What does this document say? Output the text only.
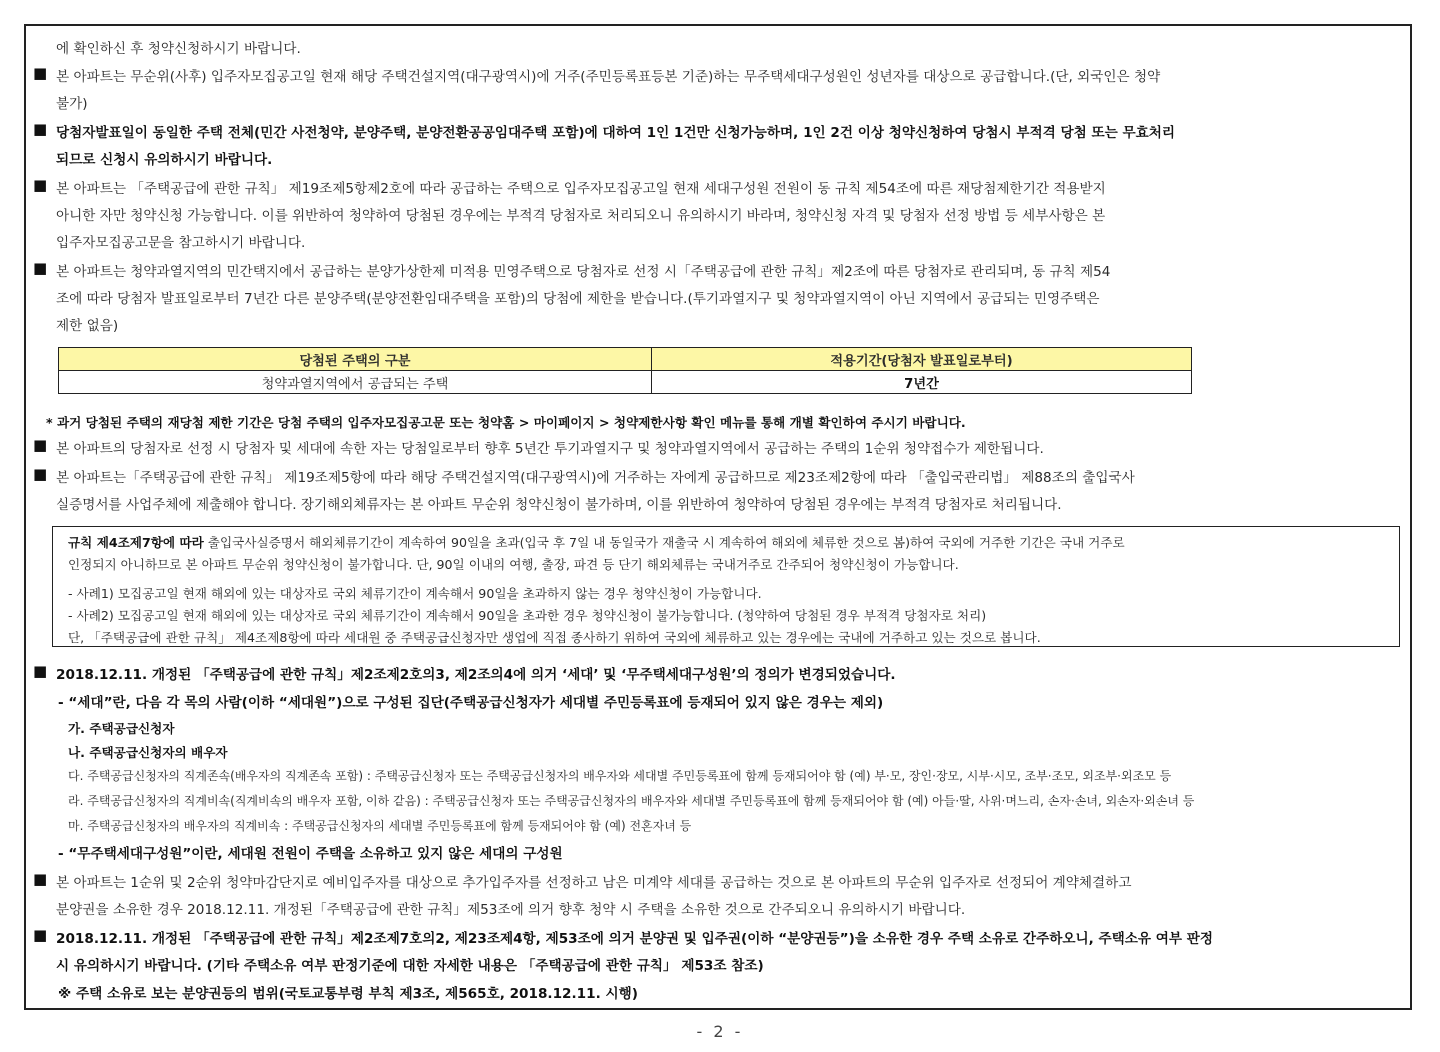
에 확인하신 후 청약신청하시기 바랍니다.
■ 본 아파트는 무순위(사후) 입주자모집공고일 현재 해당 주택건설지역(대구광역시)에 거주(주민등록표등본 기준)하는 무주택세대구성원인 성년자를 대상으로 공급합니다.(단, 외국인은 청약
불가)
■ 당첨자발표일이 동일한 주택 전체(민간 사전청약, 분양주택, 분양전환공공임대주택 포함)에 대하여 1인 1건만 신청가능하며, 1인 2건 이상 청약신청하여 당첨시 부적격 당첨 또는 무효처리
되므로 신청시 유의하시기 바랍니다.
■ 본 아파트는 「주택공급에 관한 규칙」 제19조제5항제2호에 따라 공급하는 주택으로 입주자모집공고일 현재 세대구성원 전원이 동 규칙 제54조에 따른 재당첨제한기간 적용받지
아니한 자만 청약신청 가능합니다. 이를 위반하여 청약하여 당첨된 경우에는 부적격 당첨자로 처리되오니 유의하시기 바라며, 청약신청 자격 및 당첨자 선정 방법 등 세부사항은 본
입주자모집공고문을 참고하시기 바랍니다.
■ 본 아파트는 청약과열지역의 민간택지에서 공급하는 분양가상한제 미적용 민영주택으로 당첨자로 선정 시「주택공급에 관한 규칙」제2조에 따른 당첨자로 관리되며, 동 규칙 제54
조에 따라 당첨자 발표일로부터 7년간 다른 분양주택(분양전환임대주택을 포함)의 당첨에 제한을 받습니다.(투기과열지구 및 청약과열지역이 아닌 지역에서 공급되는 민영주택은
제한 없음)
당첨된 주택의 구분	적용기간(당첨자 발표일로부터)
청약과열지역에서 공급되는 주택	7년간
* 과거 당첨된 주택의 재당첨 제한 기간은 당첨 주택의 입주자모집공고문 또는 청약홈 > 마이페이지 > 청약제한사항 확인 메뉴를 통해 개별 확인하여 주시기 바랍니다.
■ 본 아파트의 당첨자로 선정 시 당첨자 및 세대에 속한 자는 당첨일로부터 향후 5년간 투기과열지구 및 청약과열지역에서 공급하는 주택의 1순위 청약접수가 제한됩니다.
■ 본 아파트는「주택공급에 관한 규칙」 제19조제5항에 따라 해당 주택건설지역(대구광역시)에 거주하는 자에게 공급하므로 제23조제2항에 따라 「출입국관리법」 제88조의 출입국사
실증명서를 사업주체에 제출해야 합니다. 장기해외체류자는 본 아파트 무순위 청약신청이 불가하며, 이를 위반하여 청약하여 당첨된 경우에는 부적격 당첨자로 처리됩니다.
규칙 제4조제7항에 따라 출입국사실증명서 해외체류기간이 계속하여 90일을 초과(입국 후 7일 내 동일국가 재출국 시 계속하여 해외에 체류한 것으로 봄)하여 국외에 거주한 기간은 국내 거주로
인정되지 아니하므로 본 아파트 무순위 청약신청이 불가합니다. 단, 90일 이내의 여행, 출장, 파견 등 단기 해외체류는 국내거주로 간주되어 청약신청이 가능합니다.
- 사례1) 모집공고일 현재 해외에 있는 대상자로 국외 체류기간이 계속해서 90일을 초과하지 않는 경우 청약신청이 가능합니다.
- 사례2) 모집공고일 현재 해외에 있는 대상자로 국외 체류기간이 계속해서 90일을 초과한 경우 청약신청이 불가능합니다. (청약하여 당첨된 경우 부적격 당첨자로 처리)
단, 「주택공급에 관한 규칙」 제4조제8항에 따라 세대원 중 주택공급신청자만 생업에 직접 종사하기 위하여 국외에 체류하고 있는 경우에는 국내에 거주하고 있는 것으로 봅니다.
■ 2018.12.11. 개정된 「주택공급에 관한 규칙」제2조제2호의3, 제2조의4에 의거 ‘세대’ 및 ‘무주택세대구성원’의 정의가 변경되었습니다.
- “세대”란, 다음 각 목의 사람(이하 “세대원”)으로 구성된 집단(주택공급신청자가 세대별 주민등록표에 등재되어 있지 않은 경우는 제외)
가. 주택공급신청자
나. 주택공급신청자의 배우자
다. 주택공급신청자의 직계존속(배우자의 직계존속 포함) : 주택공급신청자 또는 주택공급신청자의 배우자와 세대별 주민등록표에 함께 등재되어야 함 (예) 부·모, 장인·장모, 시부·시모, 조부·조모, 외조부·외조모 등
라. 주택공급신청자의 직계비속(직계비속의 배우자 포함, 이하 같음) : 주택공급신청자 또는 주택공급신청자의 배우자와 세대별 주민등록표에 함께 등재되어야 함 (예) 아들·딸, 사위·며느리, 손자·손녀, 외손자·외손녀 등
마. 주택공급신청자의 배우자의 직계비속 : 주택공급신청자의 세대별 주민등록표에 함께 등재되어야 함 (예) 전혼자녀 등
- “무주택세대구성원”이란, 세대원 전원이 주택을 소유하고 있지 않은 세대의 구성원
■ 본 아파트는 1순위 및 2순위 청약마감단지로 예비입주자를 대상으로 추가입주자를 선정하고 남은 미계약 세대를 공급하는 것으로 본 아파트의 무순위 입주자로 선정되어 계약체결하고
분양권을 소유한 경우 2018.12.11. 개정된「주택공급에 관한 규칙」제53조에 의거 향후 청약 시 주택을 소유한 것으로 간주되오니 유의하시기 바랍니다.
■ 2018.12.11. 개정된 「주택공급에 관한 규칙」제2조제7호의2, 제23조제4항, 제53조에 의거 분양권 및 입주권(이하 “분양권등”)을 소유한 경우 주택 소유로 간주하오니, 주택소유 여부 판정
시 유의하시기 바랍니다. (기타 주택소유 여부 판정기준에 대한 자세한 내용은 「주택공급에 관한 규칙」 제53조 참조)
※ 주택 소유로 보는 분양권등의 범위(국토교통부령 부칙 제3조, 제565호, 2018.12.11. 시행)
- 2 -
